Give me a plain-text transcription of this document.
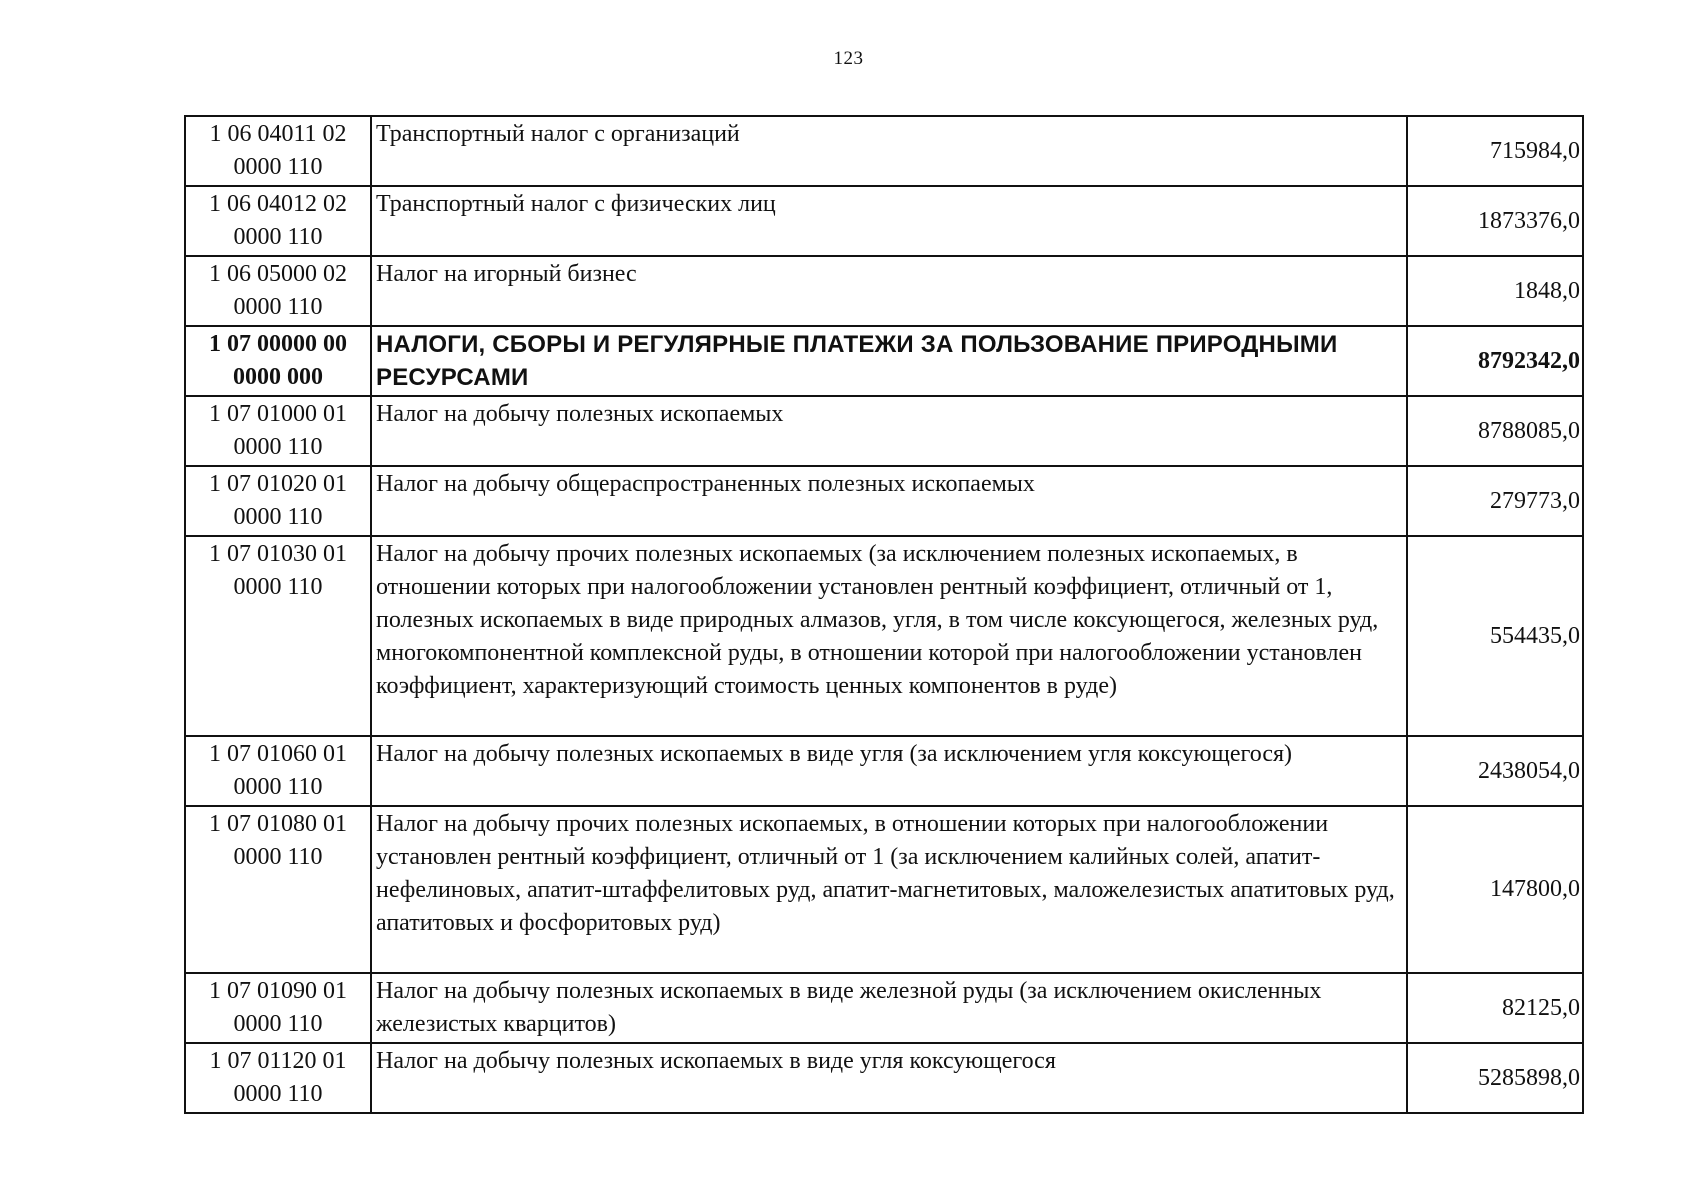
123
1 06 04011 02
0000 110	Транспортный налог с организаций	715984,0

1 06 04012 02
0000 110	Транспортный налог с физических лиц	1873376,0

1 06 05000 02
0000 110	Налог на игорный бизнес	1848,0

1 07 00000 00
0000 000	НАЛОГИ, СБОРЫ И РЕГУЛЯРНЫЕ ПЛАТЕЖИ ЗА ПОЛЬЗОВАНИЕ ПРИРОДНЫМИ РЕСУРСАМИ	8792342,0

1 07 01000 01
0000 110	Налог на добычу полезных ископаемых	8788085,0

1 07 01020 01
0000 110	Налог на добычу общераспространенных полезных ископаемых	279773,0

1 07 01030 01
0000 110	Налог на добычу прочих полезных ископаемых (за исключением полезных ископаемых, в отношении которых при налогообложении установлен рентный коэффициент, отличный от 1, полезных ископаемых в виде природных алмазов, угля, в том числе коксующегося, железных руд, многокомпонентной комплексной руды, в отношении которой при налогообложении установлен коэффициент, характеризующий стоимость ценных компонентов в руде)	554435,0

1 07 01060 01
0000 110	Налог на добычу полезных ископаемых в виде угля (за исключением угля коксующегося)	2438054,0

1 07 01080 01
0000 110	Налог на добычу прочих полезных ископаемых, в отношении которых при налогообложении установлен рентный коэффициент, отличный от 1 (за исключением калийных солей, апатит-нефелиновых, апатит-штаффелитовых руд, апатит-магнетитовых, маложелезистых апатитовых руд, апатитовых и фосфоритовых руд)	147800,0

1 07 01090 01
0000 110	Налог на добычу полезных ископаемых в виде железной руды (за исключением окисленных железистых кварцитов)	82125,0

1 07 01120 01
0000 110	Налог на добычу полезных ископаемых в виде угля коксующегося	5285898,0
